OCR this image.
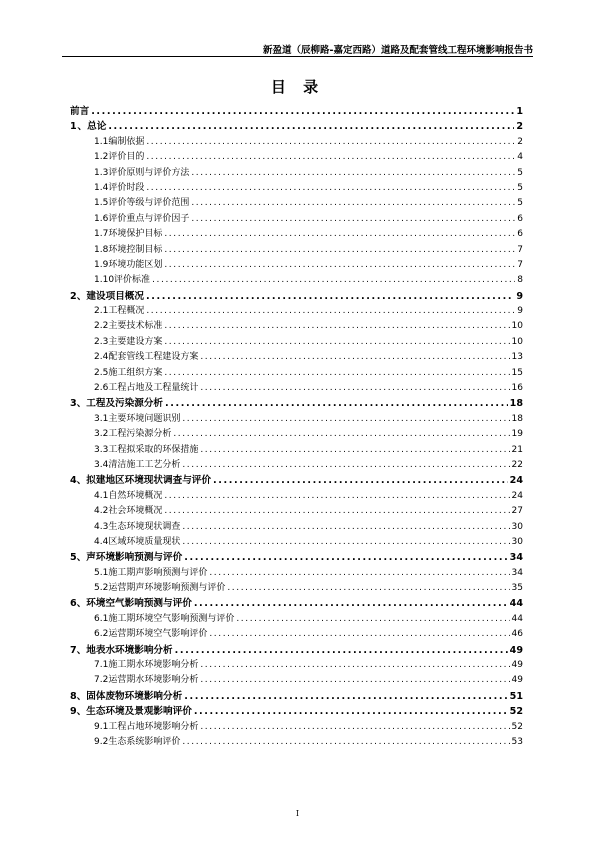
新盈道（辰柳路-嘉定西路）道路及配套管线工程环境影响报告书
目 录
前言 .....	1
1 、总论 .....	2
1.1 编制依据 .....	2
1.2 评价目的 .....	4
1.3 评价原则与评价方法 .....	5
1.4 评价时段 .....	5
1.5 评价等级与评价范围 .....	5
1.6 评价重点与评价因子 .....	6
1.7 环境保护目标 .....	6
1.8 环境控制目标 .....	7
1.9 环境功能区划 .....	7
1.10 评价标准 .....	8
2 、建设项目概况 .....	9
2.1 工程概况 .....	9
2.2 主要技术标准 .....	10
2.3 主要建设方案 .....	10
2.4 配套管线工程建设方案 .....	13
2.5 施工组织方案 .....	15
2.6 工程占地及工程量统计 .....	16
3 、工程及污染源分析 .....	18
3.1 主要环境问题识别 .....	18
3.2 工程污染源分析 .....	19
3.3 工程拟采取的环保措施 .....	21
3.4 清洁施工工艺分析 .....	22
4 、拟建地区环境现状调查与评价 .....	24
4.1 自然环境概况 .....	24
4.2 社会环境概况 .....	27
4.3 生态环境现状调查 .....	30
4.4 区域环境质量现状 .....	30
5 、声环境影响预测与评价 .....	34
5.1 施工期声影响预测与评价 .....	34
5.2 运营期声环境影响预测与评价 .....	35
6 、环境空气影响预测与评价 .....	44
6.1 施工期环境空气影响预测与评价 .....	44
6.2 运营期环境空气影响评价 .....	46
7 、地表水环境影响分析 .....	49
7.1 施工期水环境影响分析 .....	49
7.2 运营期水环境影响分析 .....	49
8 、固体废物环境影响分析 .....	51
9 、生态环境及景观影响评价 .....	52
9.1 工程占地环境影响分析 .....	52
9.2 生态系统影响评价 .....	53
I
